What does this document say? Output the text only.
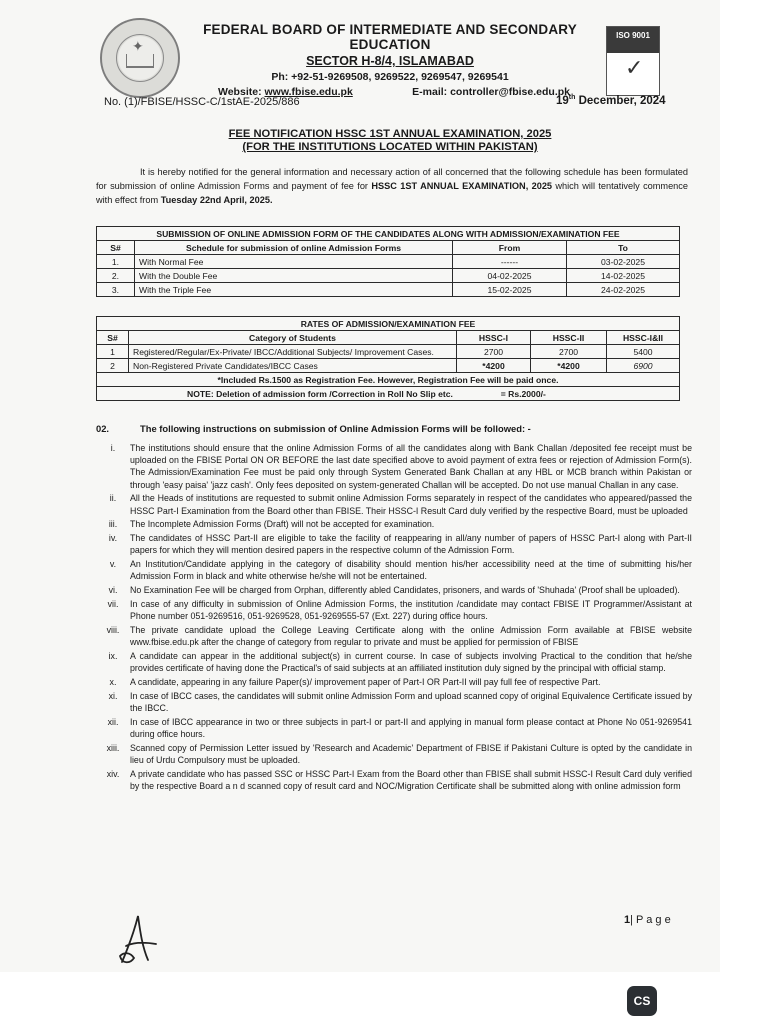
✦
FEDERAL BOARD OF INTERMEDIATE AND SECONDARY EDUCATION
SECTOR H-8/4, ISLAMABAD
Ph: +92-51-9269508, 9269522, 9269547, 9269541
Website: www.fbise.edu.pk	E-mail: controller@fbise.edu.pk
ISO 9001
✓
No. (1)/FBISE/HSSC-C/1stAE-2025/886	19th December, 2024
FEE NOTIFICATION HSSC 1ST ANNUAL EXAMINATION, 2025
(FOR THE INSTITUTIONS LOCATED WITHIN PAKISTAN)
It is hereby notified for the general information and necessary action of all concerned that the following schedule has been formulated for submission of online Admission Forms and payment of fee for HSSC 1ST ANNUAL EXAMINATION, 2025 which will tentatively commence with effect from Tuesday 22nd April, 2025.
SUBMISSION OF ONLINE ADMISSION FORM OF THE CANDIDATES ALONG WITH ADMISSION/EXAMINATION FEE			
S#	Schedule for submission of online Admission Forms	From	To
1.	With Normal Fee	------	03-02-2025
2.	With the Double Fee	04-02-2025	14-02-2025
3.	With the Triple Fee	15-02-2025	24-02-2025
RATES OF ADMISSION/EXAMINATION FEE				
S#	Category of Students	HSSC-I	HSSC-II	HSSC-I&II
1	Registered/Regular/Ex-Private/ IBCC/Additional Subjects/ Improvement Cases.	2700	2700	5400
2	Non-Registered Private Candidates/IBCC Cases	*4200	*4200	6900
*Included Rs.1500 as Registration Fee. However, Registration Fee will be paid once.				
NOTE: Deletion of admission form /Correction in Roll No Slip etc. = Rs.2000/-				
02.	The following instructions on submission of Online Admission Forms will be followed: -
i.	The institutions should ensure that the online Admission Forms of all the candidates along with Bank Challan /deposited fee receipt must be uploaded on the FBISE Portal ON OR BEFORE the last date specified above to avoid payment of extra fees or rejection of Admission Form(s). The Admission/Examination Fee must be paid only through System Generated Bank Challan at any HBL or MCB branch within Pakistan or through 'easy paisa' 'jazz cash'. Only fees deposited on system-generated Challan will be accepted. Do not use manual Challan in any case.
ii.	All the Heads of institutions are requested to submit online Admission Forms separately in respect of the candidates who appeared/passed the HSSC Part-I Examination from the Board other than FBISE. Their HSSC-I Result Card duly verified by the respective Board, must be uploaded
iii.	The Incomplete Admission Forms (Draft) will not be accepted for examination.
iv.	The candidates of HSSC Part-II are eligible to take the facility of reappearing in all/any number of papers of HSSC Part-I along with Part-II papers for which they will mention desired papers in the respective column of the Admission Form.
v.	An Institution/Candidate applying in the category of disability should mention his/her accessibility need at the time of submitting his/her Admission Form in black and white otherwise he/she will not be entertained.
vi.	No Examination Fee will be charged from Orphan, differently abled Candidates, prisoners, and wards of 'Shuhada' (Proof shall be uploaded).
vii.	In case of any difficulty in submission of Online Admission Forms, the institution /candidate may contact FBISE IT Programmer/Assistant at Phone number 051-9269516, 051-9269528, 051-9269555-57 (Ext. 227) during office hours.
viii.	The private candidate upload the College Leaving Certificate along with the online Admission Form available at FBISE website www.fbise.edu.pk after the change of category from regular to private and must be applied for permission of FBISE
ix.	A candidate can appear in the additional subject(s) in current course. In case of subjects involving Practical to the condition that he/she provides certificate of having done the Practical's of said subjects at an affiliated institution duly signed by the principal with official stamp.
x.	A candidate, appearing in any failure Paper(s)/ improvement paper of Part-I OR Part-II will pay full fee of respective Part.
xi.	In case of IBCC cases, the candidates will submit online Admission Form and upload scanned copy of original Equivalence Certificate issued by the IBCC.
xii.	In case of IBCC appearance in two or three subjects in part-I or part-II and applying in manual form please contact at Phone No 051-9269541 during office hours.
xiii.	Scanned copy of Permission Letter issued by 'Research and Academic' Department of FBISE if Pakistani Culture is opted by the candidate in lieu of Urdu Compulsory must be uploaded.
xiv.	A private candidate who has passed SSC or HSSC Part-I Exam from the Board other than FBISE shall submit HSSC-I Result Card duly verified by the respective Board a n d scanned copy of result card and NOC/Migration Certificate shall be submitted along with online admission form
1| P a g e
CS
